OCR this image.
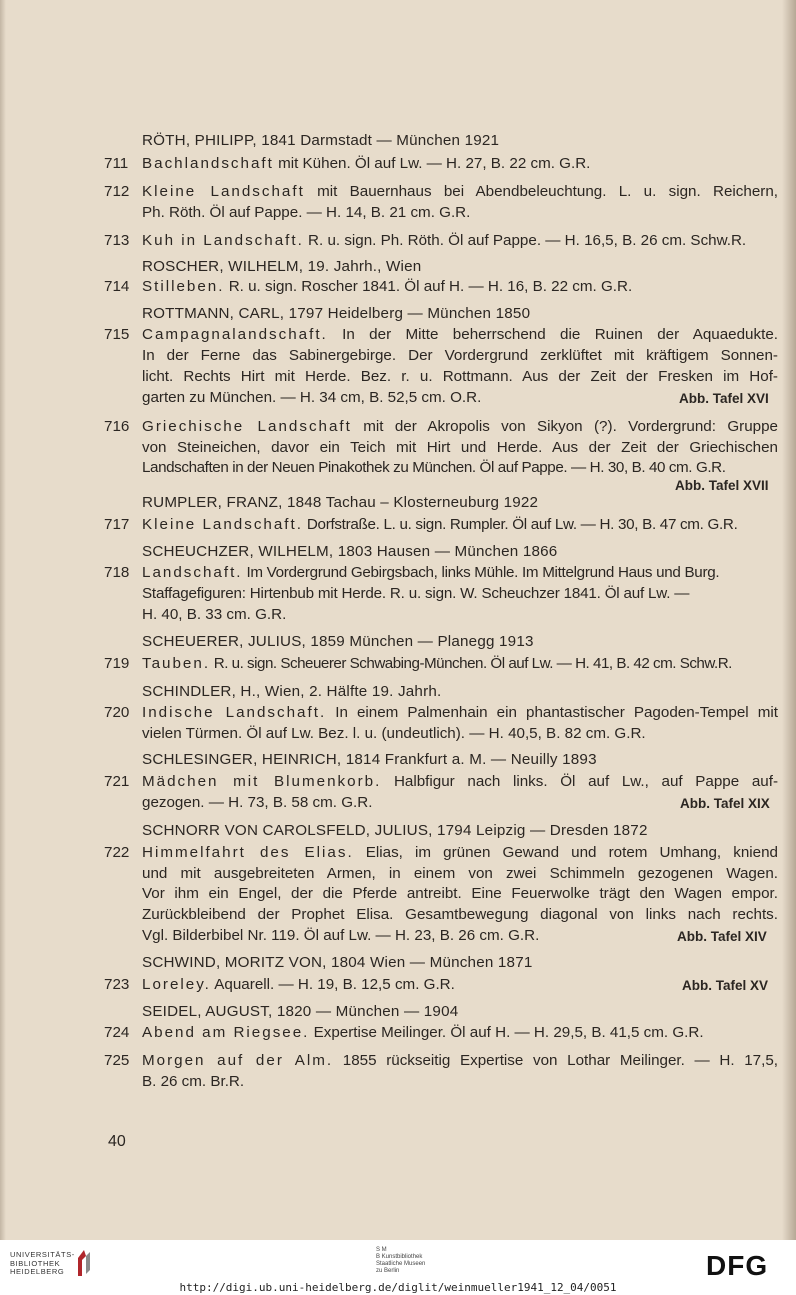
RÖTH, PHILIPP, 1841 Darmstadt — München 1921
711 Bachlandschaft mit Kühen. Öl auf Lw. — H. 27, B. 22 cm. G.R.
712 Kleine Landschaft mit Bauernhaus bei Abendbeleuchtung. L. u. sign. Reichern,
Ph. Röth. Öl auf Pappe. — H. 14, B. 21 cm. G.R.
713 Kuh in Landschaft. R. u. sign. Ph. Röth. Öl auf Pappe. — H. 16,5, B. 26 cm. Schw.R.
ROSCHER, WILHELM, 19. Jahrh., Wien
714 Stilleben. R. u. sign. Roscher 1841. Öl auf H. — H. 16, B. 22 cm. G.R.
ROTTMANN, CARL, 1797 Heidelberg — München 1850
715 Campagnalandschaft. In der Mitte beherrschend die Ruinen der Aquaedukte.
In der Ferne das Sabinergebirge. Der Vordergrund zerklüftet mit kräftigem Sonnen-
licht. Rechts Hirt mit Herde. Bez. r. u. Rottmann. Aus der Zeit der Fresken im Hof-
garten zu München. — H. 34 cm, B. 52,5 cm. O.R.	Abb. Tafel XVI
716 Griechische Landschaft mit der Akropolis von Sikyon (?). Vordergrund: Gruppe
von Steineichen, davor ein Teich mit Hirt und Herde. Aus der Zeit der Griechischen
Landschaften in der Neuen Pinakothek zu München. Öl auf Pappe. — H. 30, B. 40 cm. G.R.
Abb. Tafel XVII
RUMPLER, FRANZ, 1848 Tachau – Klosterneuburg 1922
717 Kleine Landschaft. Dorfstraße. L. u. sign. Rumpler. Öl auf Lw. — H. 30, B. 47 cm. G.R.
SCHEUCHZER, WILHELM, 1803 Hausen — München 1866
718 Landschaft. Im Vordergrund Gebirgsbach, links Mühle. Im Mittelgrund Haus und Burg.
Staffagefiguren: Hirtenbub mit Herde. R. u. sign. W. Scheuchzer 1841. Öl auf Lw. —
H. 40, B. 33 cm. G.R.
SCHEUERER, JULIUS, 1859 München — Planegg 1913
719 Tauben. R. u. sign. Scheuerer Schwabing-München. Öl auf Lw. — H. 41, B. 42 cm. Schw.R.
SCHINDLER, H., Wien, 2. Hälfte 19. Jahrh.
720 Indische Landschaft. In einem Palmenhain ein phantastischer Pagoden-Tempel mit
vielen Türmen. Öl auf Lw. Bez. l. u. (undeutlich). — H. 40,5, B. 82 cm. G.R.
SCHLESINGER, HEINRICH, 1814 Frankfurt a. M. — Neuilly 1893
721 Mädchen mit Blumenkorb. Halbfigur nach links. Öl auf Lw., auf Pappe auf-
gezogen. — H. 73, B. 58 cm. G.R.	Abb. Tafel XIX
SCHNORR VON CAROLSFELD, JULIUS, 1794 Leipzig — Dresden 1872
722 Himmelfahrt des Elias. Elias, im grünen Gewand und rotem Umhang, kniend
und mit ausgebreiteten Armen, in einem von zwei Schimmeln gezogenen Wagen.
Vor ihm ein Engel, der die Pferde antreibt. Eine Feuerwolke trägt den Wagen empor.
Zurückbleibend der Prophet Elisa. Gesamtbewegung diagonal von links nach rechts.
Vgl. Bilderbibel Nr. 119. Öl auf Lw. — H. 23, B. 26 cm. G.R.	Abb. Tafel XIV
SCHWIND, MORITZ VON, 1804 Wien — München 1871
723 Loreley. Aquarell. — H. 19, B. 12,5 cm. G.R.	Abb. Tafel XV
SEIDEL, AUGUST, 1820 — München — 1904
724 Abend am Riegsee. Expertise Meilinger. Öl auf H. — H. 29,5, B. 41,5 cm. G.R.
725 Morgen auf der Alm. 1855 rückseitig Expertise von Lothar Meilinger. — H. 17,5,
B. 26 cm. Br.R.
40
UNIVERSITÄTS-
BIBLIOTHEK
HEIDELBERG
S M
B Kunstbibliothek
Staatliche Museen
zu Berlin	DFG
http://digi.ub.uni-heidelberg.de/diglit/weinmueller1941_12_04/0051
